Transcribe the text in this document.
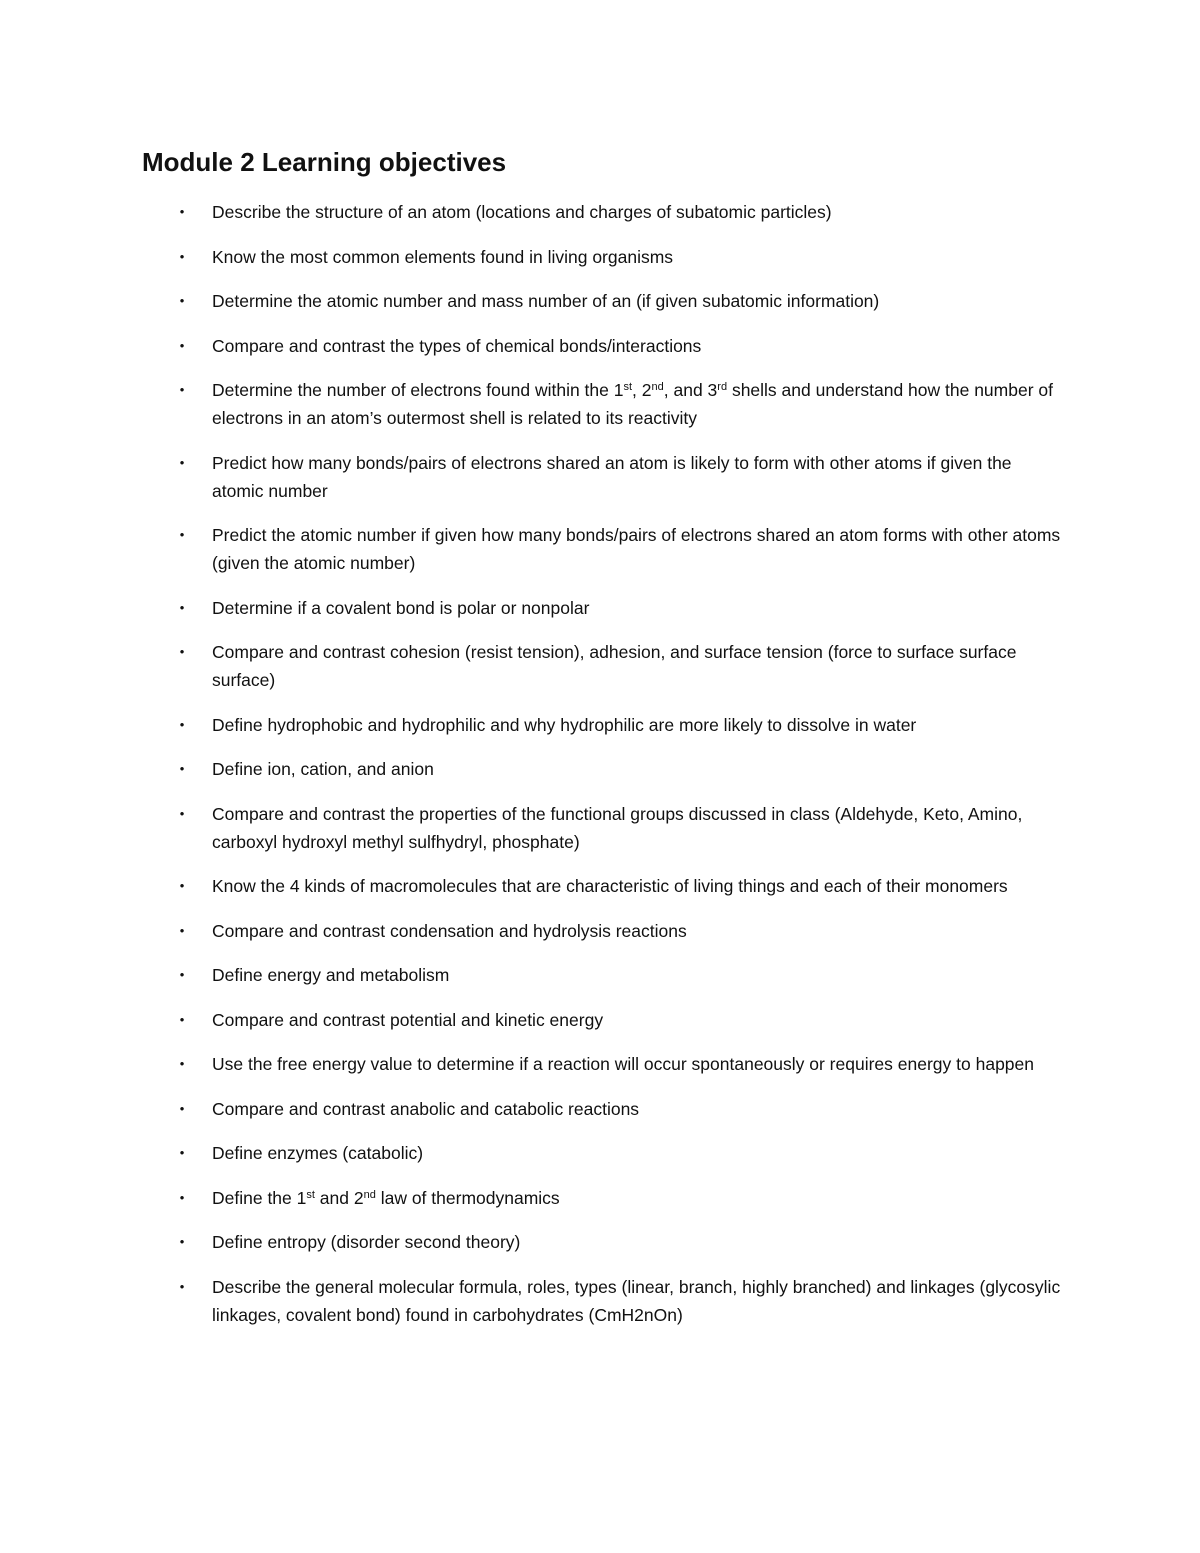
Module 2 Learning objectives
• Describe the structure of an atom (locations and charges of subatomic particles)
• Know the most common elements found in living organisms
• Determine the atomic number and mass number of an (if given subatomic information)
• Compare and contrast the types of chemical bonds/interactions
• Determine the number of electrons found within the 1st, 2nd, and 3rd shells and understand how the number of electrons in an atom’s outermost shell is related to its reactivity
• Predict how many bonds/pairs of electrons shared an atom is likely to form with other atoms if given the atomic number
• Predict the atomic number if given how many bonds/pairs of electrons shared an atom forms with other atoms (given the atomic number)
• Determine if a covalent bond is polar or nonpolar
• Compare and contrast cohesion (resist tension), adhesion, and surface tension (force to surface surface surface)
• Define hydrophobic and hydrophilic and why hydrophilic are more likely to dissolve in water
• Define ion, cation, and anion
• Compare and contrast the properties of the functional groups discussed in class (Aldehyde, Keto, Amino, carboxyl hydroxyl methyl sulfhydryl, phosphate)
• Know the 4 kinds of macromolecules that are characteristic of living things and each of their monomers
• Compare and contrast condensation and hydrolysis reactions
• Define energy and metabolism
• Compare and contrast potential and kinetic energy
• Use the free energy value to determine if a reaction will occur spontaneously or requires energy to happen
• Compare and contrast anabolic and catabolic reactions
• Define enzymes (catabolic)
• Define the 1st and 2nd law of thermodynamics
• Define entropy (disorder second theory)
• Describe the general molecular formula, roles, types (linear, branch, highly branched) and linkages (glycosylic linkages, covalent bond) found in carbohydrates (CmH2nOn)
